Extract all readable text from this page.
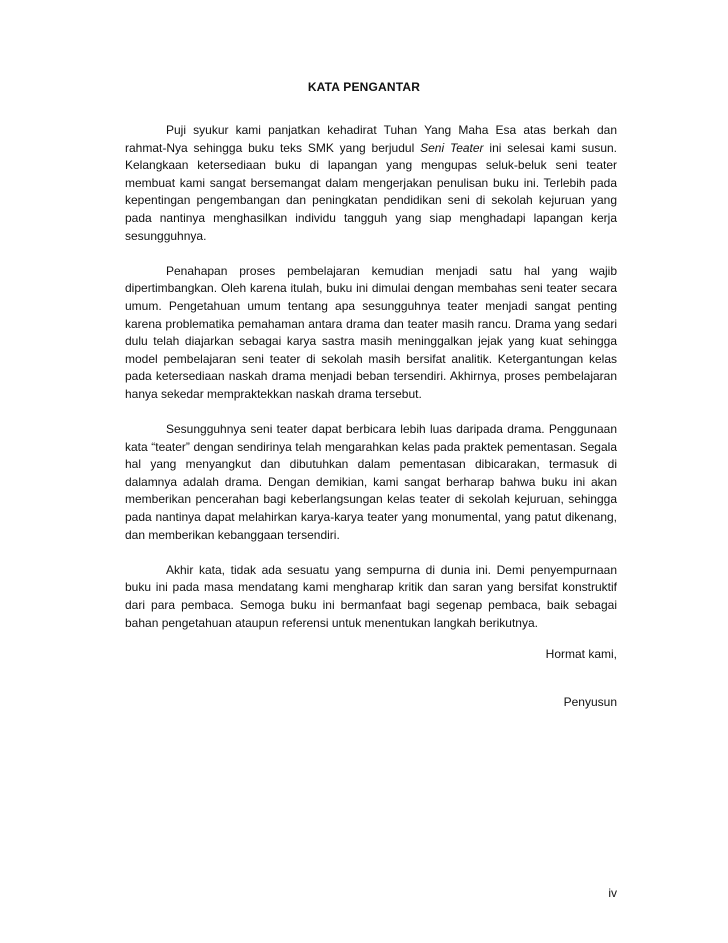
KATA PENGANTAR

Puji syukur kami panjatkan kehadirat Tuhan Yang Maha Esa atas berkah dan rahmat-Nya sehingga buku teks SMK yang berjudul Seni Teater ini selesai kami susun. Kelangkaan ketersediaan buku di lapangan yang mengupas seluk-beluk seni teater membuat kami sangat bersemangat dalam mengerjakan penulisan buku ini. Terlebih pada kepentingan pengembangan dan peningkatan pendidikan seni di sekolah kejuruan yang pada nantinya menghasilkan individu tangguh yang siap menghadapi lapangan kerja sesungguhnya.

Penahapan proses pembelajaran kemudian menjadi satu hal yang wajib dipertimbangkan. Oleh karena itulah, buku ini dimulai dengan membahas seni teater secara umum. Pengetahuan umum tentang apa sesungguhnya teater menjadi sangat penting karena problematika pemahaman antara drama dan teater masih rancu. Drama yang sedari dulu telah diajarkan sebagai karya sastra masih meninggalkan jejak yang kuat sehingga model pembelajaran seni teater di sekolah masih bersifat analitik. Ketergantungan kelas pada ketersediaan naskah drama menjadi beban tersendiri. Akhirnya, proses pembelajaran hanya sekedar mempraktekkan naskah drama tersebut.

Sesungguhnya seni teater dapat berbicara lebih luas daripada drama. Penggunaan kata “teater” dengan sendirinya telah mengarahkan kelas pada praktek pementasan. Segala hal yang menyangkut dan dibutuhkan dalam pementasan dibicarakan, termasuk di dalamnya adalah drama. Dengan demikian, kami sangat berharap bahwa buku ini akan memberikan pencerahan bagi keberlangsungan kelas teater di sekolah kejuruan, sehingga pada nantinya dapat melahirkan karya-karya teater yang monumental, yang patut dikenang, dan memberikan kebanggaan tersendiri.

Akhir kata, tidak ada sesuatu yang sempurna di dunia ini. Demi penyempurnaan buku ini pada masa mendatang kami mengharap kritik dan saran yang bersifat konstruktif dari para pembaca. Semoga buku ini bermanfaat bagi segenap pembaca, baik sebagai bahan pengetahuan ataupun referensi untuk menentukan langkah berikutnya.

Hormat kami,

Penyusun

iv
